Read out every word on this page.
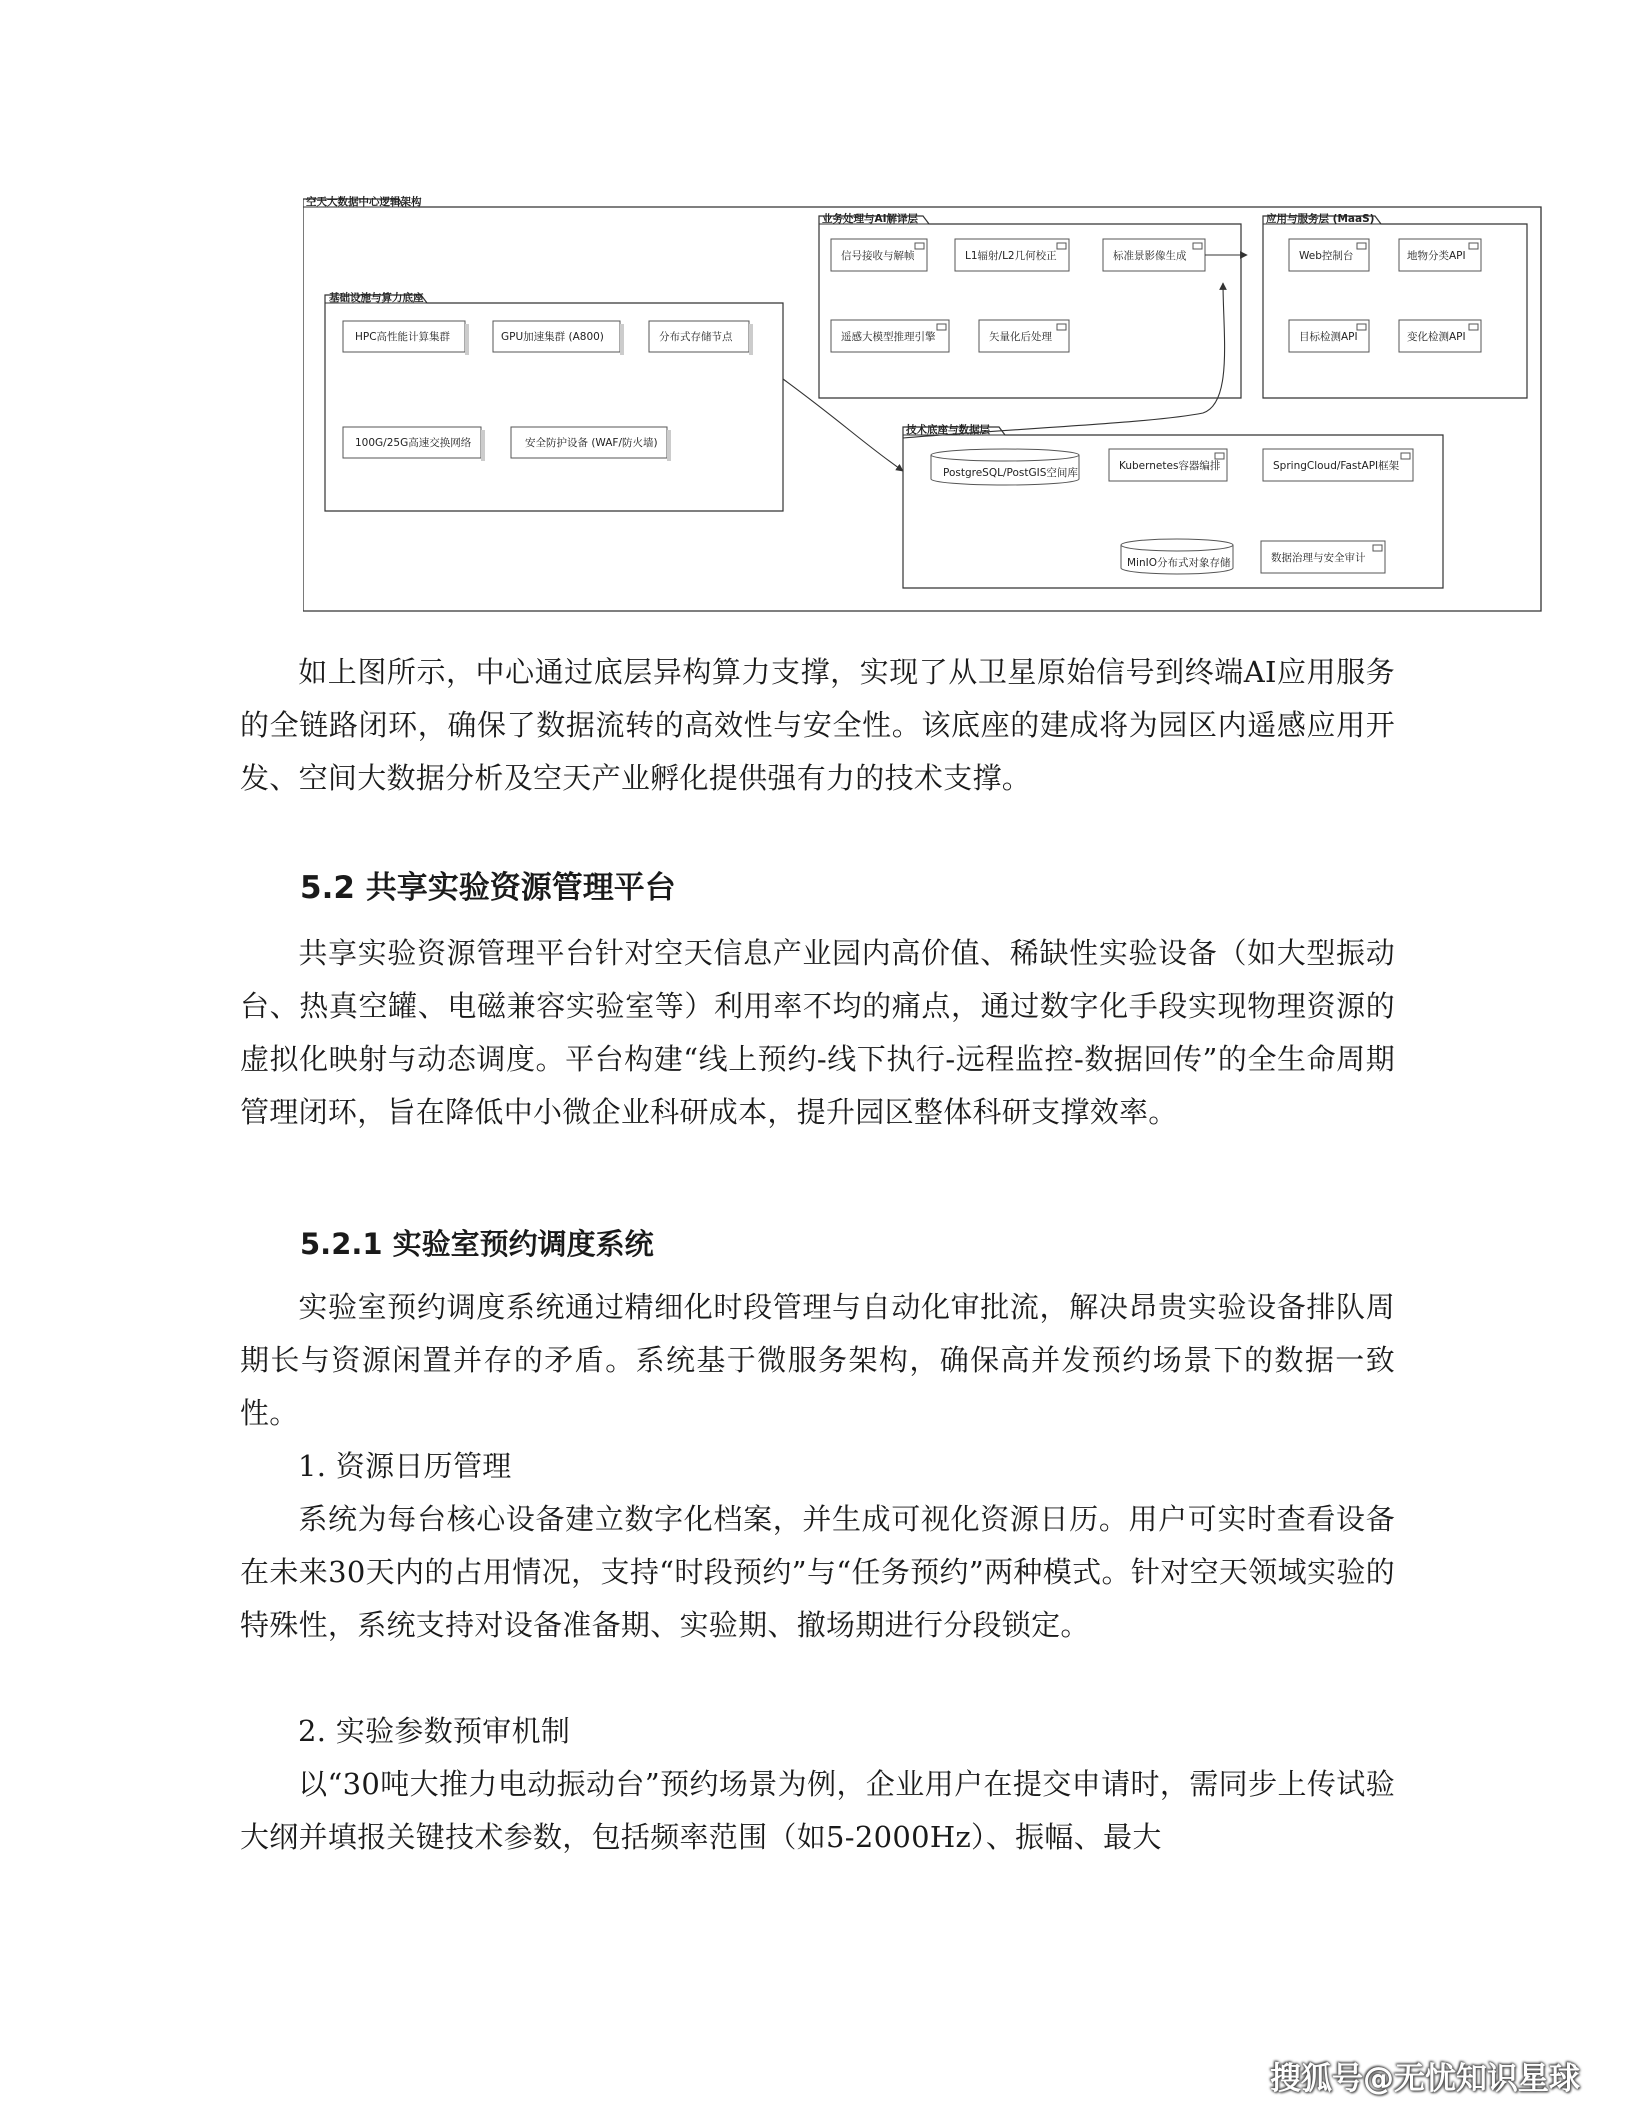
空天大数据中心逻辑架构
基础设施与算力底座
HPC高性能计算集群	GPU加速集群 (A800)	分布式存储节点
100G/25G高速交换网络	安全防护设备 (WAF/防火墙)
业务处理与AI解译层
信号接收与解帧	L1辐射/L2几何校正	标准景影像生成
遥感大模型推理引擎	矢量化后处理
应用与服务层 (MaaS)
Web控制台	地物分类API
目标检测API	变化检测API
技术底座与数据层
PostgreSQL/PostGIS空间库
Kubernetes容器编排	SpringCloud/FastAPI框架
MinIO分布式对象存储	数据治理与安全审计

如上图所示，中心通过底层异构算力支撑，实现了从卫星原始信号到终端AI应用服务的全链路闭环，确保了数据流转的高效性与安全性。该底座的建成将为园区内遥感应用开发、空间大数据分析及空天产业孵化提供强有力的技术支撑。

5.2 共享实验资源管理平台

共享实验资源管理平台针对空天信息产业园内高价值、稀缺性实验设备（如大型振动台、热真空罐、电磁兼容实验室等）利用率不均的痛点，通过数字化手段实现物理资源的虚拟化映射与动态调度。平台构建“线上预约-线下执行-远程监控-数据回传”的全生命周期管理闭环，旨在降低中小微企业科研成本，提升园区整体科研支撑效率。

5.2.1 实验室预约调度系统

实验室预约调度系统通过精细化时段管理与自动化审批流，解决昂贵实验设备排队周期长与资源闲置并存的矛盾。系统基于微服务架构，确保高并发预约场景下的数据一致性。

1. 资源日历管理

系统为每台核心设备建立数字化档案，并生成可视化资源日历。用户可实时查看设备在未来30天内的占用情况，支持“时段预约”与“任务预约”两种模式。针对空天领域实验的特殊性，系统支持对设备准备期、实验期、撤场期进行分段锁定。

2. 实验参数预审机制

以“30吨大推力电动振动台”预约场景为例，企业用户在提交申请时，需同步上传试验大纲并填报关键技术参数，包括频率范围（如5-2000Hz）、振幅、最大

搜狐号@无忧知识星球
